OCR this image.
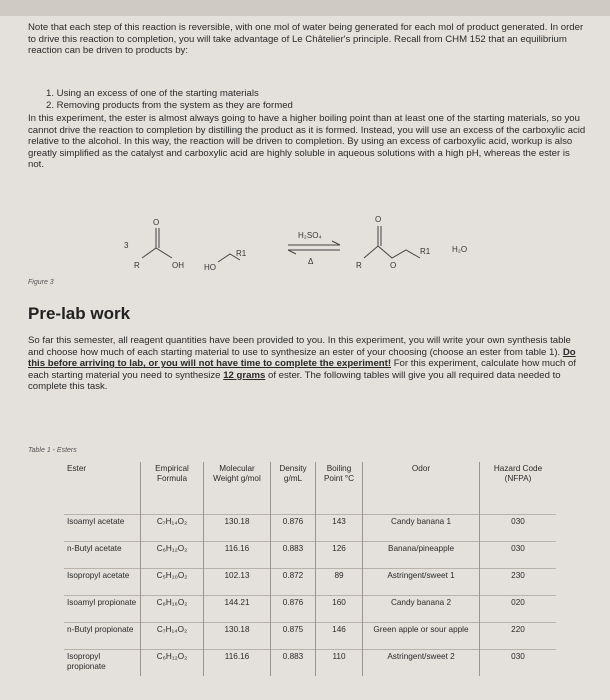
Note that each step of this reaction is reversible, with one mol of water being generated for each mol of product generated. In order to drive this reaction to completion, you will take advantage of Le Châtelier's principle. Recall from CHM 152 that an equilibrium reaction can be driven to products by:

1. Using an excess of one of the starting materials
2. Removing products from the system as they are formed

In this experiment, the ester is almost always going to have a higher boiling point than at least one of the starting materials, so you cannot drive the reaction to completion by distilling the product as it is formed. Instead, you will use an excess of the carboxylic acid relative to the alcohol. In this way, the reaction will be driven to completion. By using an excess of carboxylic acid, workup is also greatly simplified as the catalyst and carboxylic acid are highly soluble in aqueous solutions with a high pH, whereas the ester is not.

3
O
R	OH	HO
R1
H₂SO₄
Δ
O
R	O
R1	H₂O
Figure 3
Pre-lab work

So far this semester, all reagent quantities have been provided to you. In this experiment, you will write your own synthesis table and choose how much of each starting material to use to synthesize an ester of your choosing (choose an ester from table 1). Do this before arriving to lab, or you will not have time to complete the experiment! For this experiment, calculate how much of each starting material you need to synthesize 12 grams of ester. The following tables will give you all required data needed to complete this task.

Table 1 - Esters
Ester	Empirical Formula	Molecular Weight g/mol	Density g/mL	Boiling Point °C	Odor	Hazard Code (NFPA)
Isoamyl acetate	C₇H₁₄O₂	130.18	0.876	143	Candy banana 1	030
n-Butyl acetate	C₆H₁₂O₂	116.16	0.883	126	Banana/pineapple	030
Isopropyl acetate	C₅H₁₀O₂	102.13	0.872	89	Astringent/sweet 1	230
Isoamyl propionate	C₈H₁₆O₂	144.21	0.876	160	Candy banana 2	020
n-Butyl propionate	C₇H₁₄O₂	130.18	0.875	146	Green apple or sour apple	220
Isopropyl propionate	C₆H₁₂O₂	116.16	0.883	110	Astringent/sweet 2	030
